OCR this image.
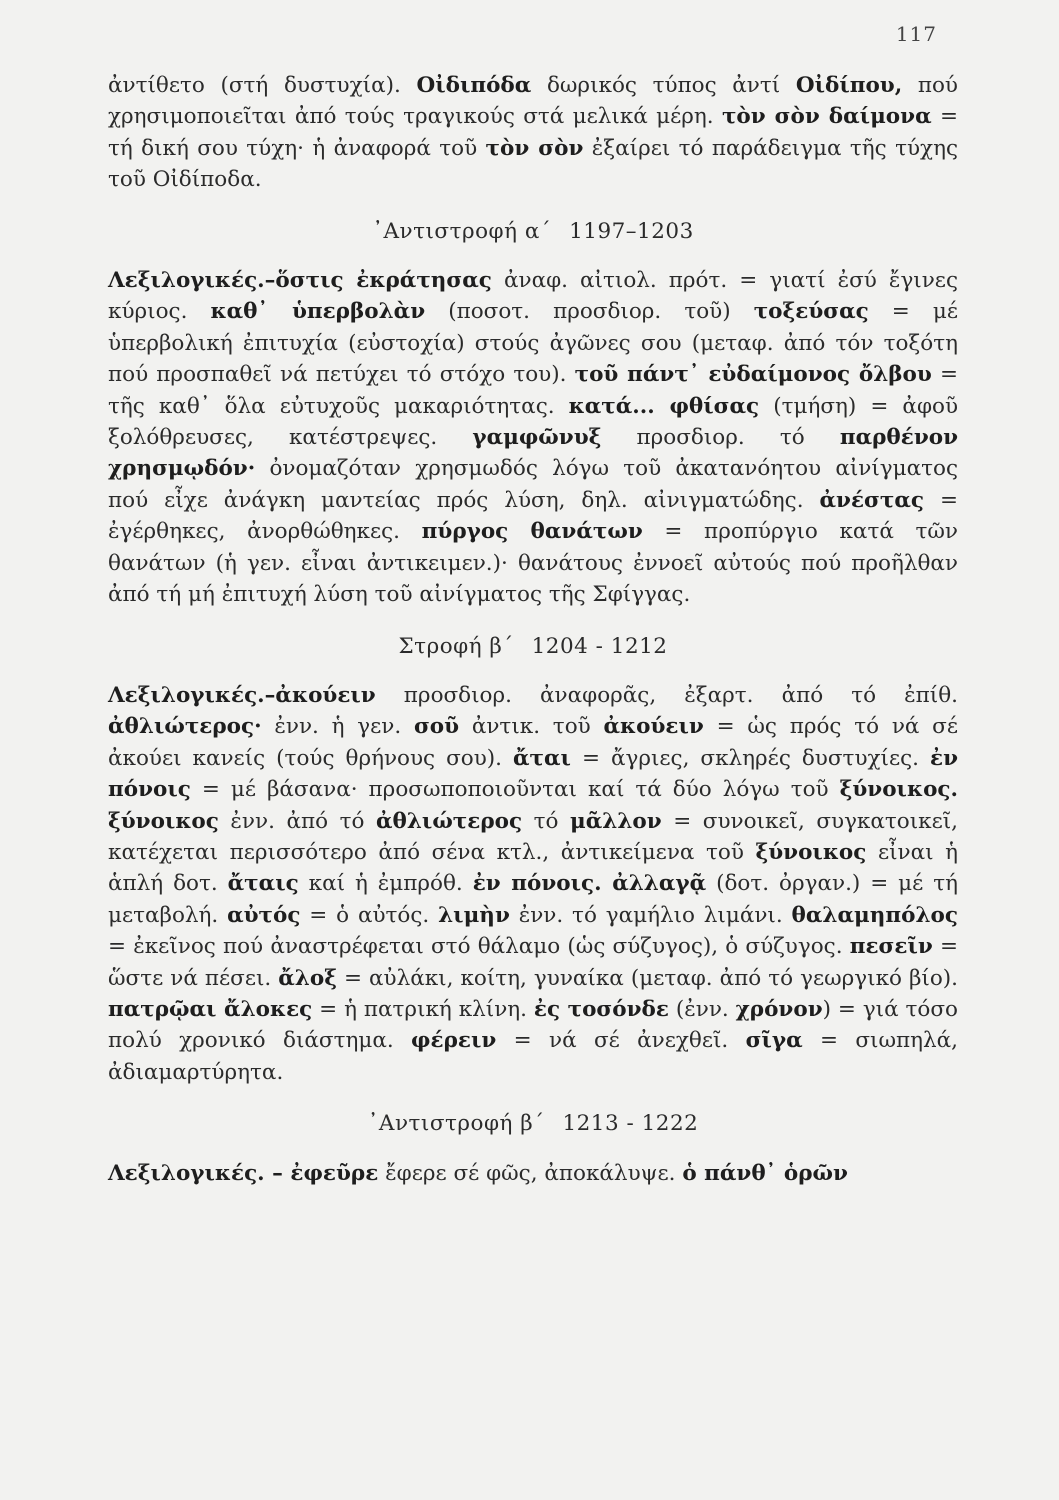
117

ἀντίθετο (στή δυστυχία). Οἰδιπόδα δωρικός τύπος ἀντί Οἰδίπου, πού χρησιμοποιεῖται ἀπό τούς τραγικούς στά μελικά μέρη. τὸν σὸν δαίμονα = τή δική σου τύχη· ἡ ἀναφορά τοῦ τὸν σὸν ἐξαίρει τό παράδειγμα τῆς τύχης τοῦ Οἰδίποδα.

᾿Αντιστροφή α΄ 1197–1203

Λεξιλογικές.–ὅστις ἐκράτησας ἀναφ. αἰτιολ. πρότ. = γιατί ἐσύ ἔγινες κύριος. καθ᾿ ὑπερβολὰν (ποσοτ. προσδιορ. τοῦ) τοξεύσας = μέ ὑπερβολική ἐπιτυχία (εὐστοχία) στούς ἀγῶνες σου (μεταφ. ἀπό τόν τοξότη πού προσπαθεῖ νά πετύχει τό στόχο του). τοῦ πάντ᾿ εὐδαίμονος ὄλβου = τῆς καθ᾿ ὅλα εὐτυχοῦς μακαριότητας. κατά... φθίσας (τμήση) = ἀφοῦ ξολόθρευσες, κατέστρεψες. γαμφῶνυξ προσδιορ. τό παρθένον χρησμῳδόν· ὀνομαζόταν χρησμωδός λόγω τοῦ ἀκατανόητου αἰνίγματος πού εἶχε ἀνάγκη μαντείας πρός λύση, δηλ. αἰνιγματώδης. ἀνέστας = ἐγέρθηκες, ἀνορθώθηκες. πύργος θανάτων = προπύργιο κατά τῶν θανάτων (ἡ γεν. εἶναι ἀντικειμεν.)· θανάτους ἐννοεῖ αὐτούς πού προῆλθαν ἀπό τή μή ἐπιτυχή λύση τοῦ αἰνίγματος τῆς Σφίγγας.

Στροφή β΄ 1204 - 1212

Λεξιλογικές.–ἀκούειν προσδιορ. ἀναφορᾶς, ἐξαρτ. ἀπό τό ἐπίθ. ἀθλιώτερος· ἐνν. ἡ γεν. σοῦ ἀντικ. τοῦ ἀκούειν = ὡς πρός τό νά σέ ἀκούει κανείς (τούς θρήνους σου). ἄται = ἄγριες, σκληρές δυστυχίες. ἐν πόνοις = μέ βάσανα· προσωποποιοῦνται καί τά δύο λόγω τοῦ ξύνοικος. ξύνοικος ἐνν. ἀπό τό ἀθλιώτερος τό μᾶλλον = συνοικεῖ, συγκατοικεῖ, κατέχεται περισσότερο ἀπό σένα κτλ., ἀντικείμενα τοῦ ξύνοικος εἶναι ἡ ἁπλή δοτ. ἄταις καί ἡ ἐμπρόθ. ἐν πόνοις. ἀλλαγᾷ (δοτ. ὀργαν.) = μέ τή μεταβολή. αὐτός = ὁ αὐτός. λιμὴν ἐνν. τό γαμήλιο λιμάνι. θαλαμηπόλος = ἐκεῖνος πού ἀναστρέφεται στό θάλαμο (ὡς σύζυγος), ὁ σύζυγος. πεσεῖν = ὥστε νά πέσει. ἄλοξ = αὐλάκι, κοίτη, γυναίκα (μεταφ. ἀπό τό γεωργικό βίο). πατρῷαι ἄλοκες = ἡ πατρική κλίνη. ἐς τοσόνδε (ἐνν. χρόνον) = γιά τόσο πολύ χρονικό διάστημα. φέρειν = νά σέ ἀνεχθεῖ. σῖγα = σιωπηλά, ἀδιαμαρτύρητα.

᾿Αντιστροφή β΄ 1213 - 1222

Λεξιλογικές. – ἐφεῦρε ἔφερε σέ φῶς, ἀποκάλυψε. ὁ πάνθ᾿ ὁρῶν
